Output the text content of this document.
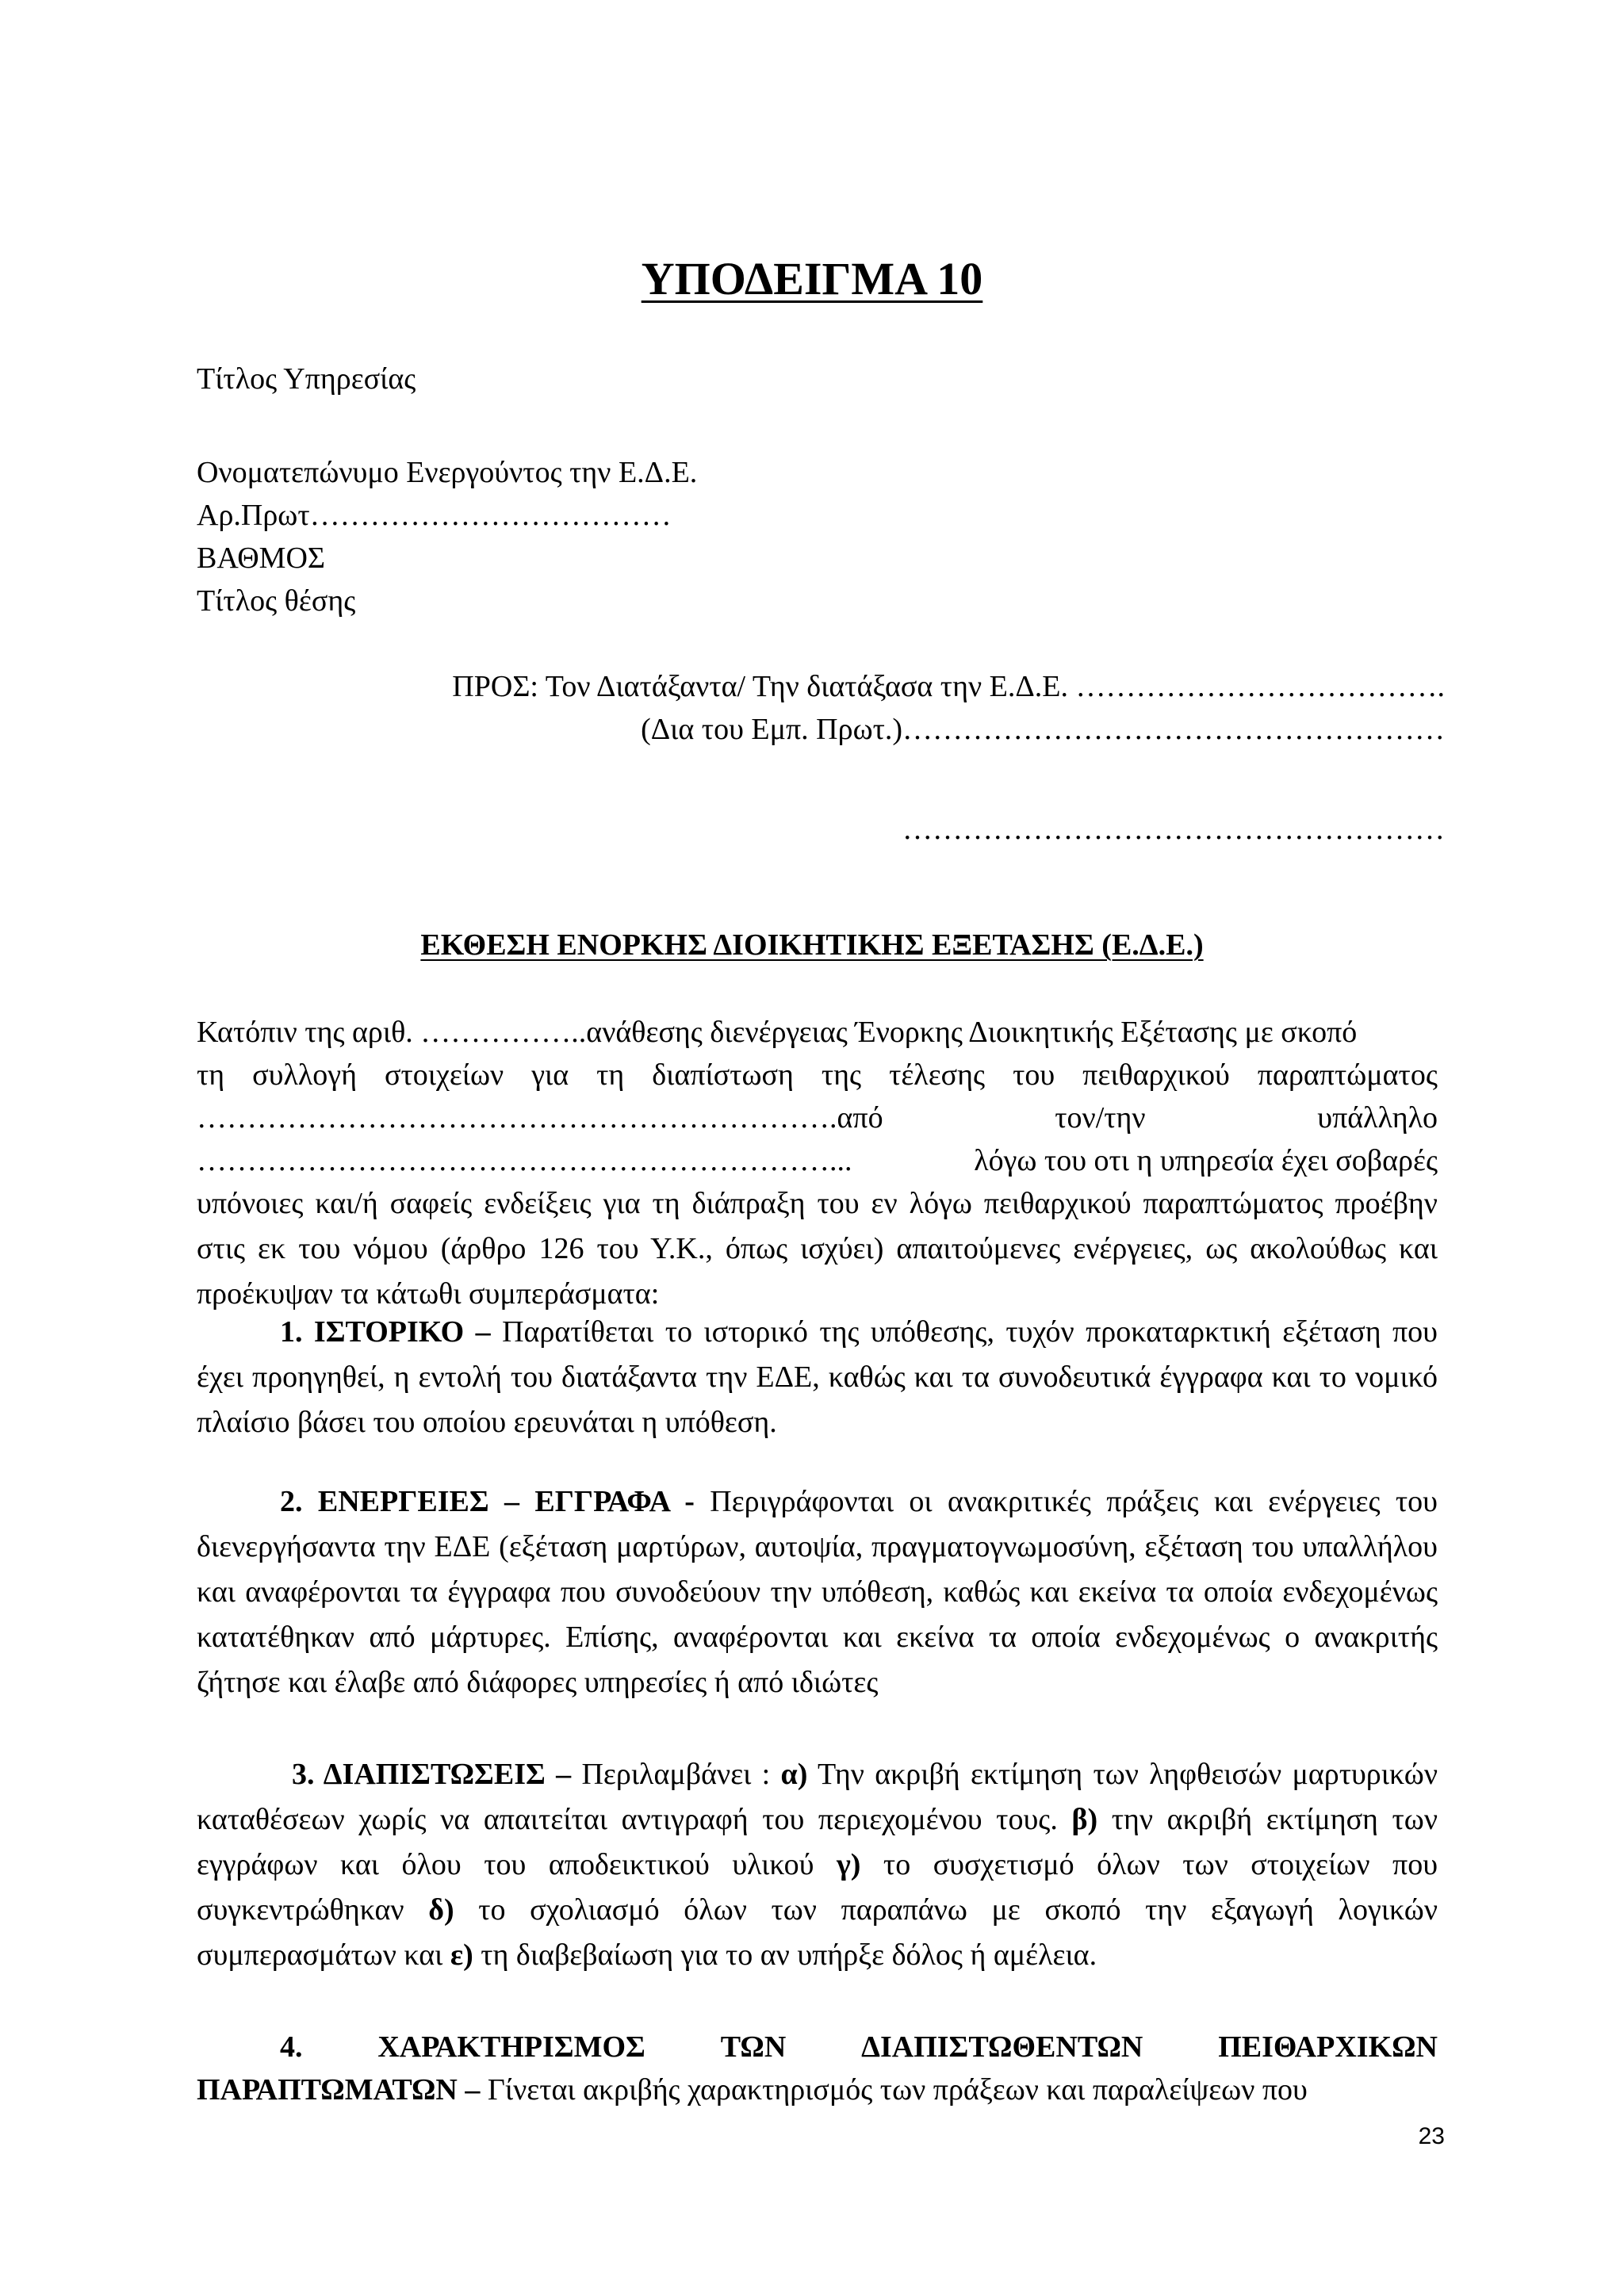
ΥΠΟΔΕΙΓΜΑ 10
Τίτλος Υπηρεσίας
Ονοματεπώνυμο Ενεργούντος την Ε.Δ.Ε.
Αρ.Πρωτ………………………………
ΒΑΘΜΟΣ
Τίτλος θέσης
ΠΡΟΣ: Τον Διατάξαντα/ Την διατάξασα την Ε.Δ.Ε. ……………………………….
(Δια του Εμπ. Πρωτ.)………………………………………………
………………………………………………
ΕΚΘΕΣΗ ΕΝΟΡΚΗΣ ΔΙΟΙΚΗΤΙΚΗΣ ΕΞΕΤΑΣΗΣ (Ε.Δ.Ε.)
Κατόπιν της αριθ. ……………..ανάθεσης διενέργειας Ένορκης Διοικητικής Εξέτασης με σκοπό
τη συλλογή στοιχείων για τη διαπίστωση της τέλεσης του πειθαρχικού παραπτώματος
……………………………………………………….από	τον/την	υπάλληλο
………………………………………………………...	λόγω του οτι η υπηρεσία έχει σοβαρές

υπόνοιες και/ή σαφείς ενδείξεις για τη διάπραξη του εν λόγω πειθαρχικού παραπτώματος προέβην στις εκ του νόμου (άρθρο 126 του Υ.Κ., όπως ισχύει) απαιτούμενες ενέργειες, ως ακολούθως και προέκυψαν τα κάτωθι συμπεράσματα:

1. ΙΣΤΟΡΙΚΟ – Παρατίθεται το ιστορικό της υπόθεσης, τυχόν προκαταρκτική εξέταση που έχει προηγηθεί, η εντολή του διατάξαντα την ΕΔΕ, καθώς και τα συνοδευτικά έγγραφα και το νομικό πλαίσιο βάσει του οποίου ερευνάται η υπόθεση.

2. ΕΝΕΡΓΕΙΕΣ – ΕΓΓΡΑΦΑ - Περιγράφονται οι ανακριτικές πράξεις και ενέργειες του διενεργήσαντα την ΕΔΕ (εξέταση μαρτύρων, αυτοψία, πραγματογνωμοσύνη, εξέταση του υπαλλήλου και αναφέρονται τα έγγραφα που συνοδεύουν την υπόθεση, καθώς και εκείνα τα οποία ενδεχομένως κατατέθηκαν από μάρτυρες. Επίσης, αναφέρονται και εκείνα τα οποία ενδεχομένως ο ανακριτής ζήτησε και έλαβε από διάφορες υπηρεσίες ή από ιδιώτες

3. ΔΙΑΠΙΣΤΩΣΕΙΣ – Περιλαμβάνει : α) Την ακριβή εκτίμηση των ληφθεισών μαρτυρικών καταθέσεων χωρίς να απαιτείται αντιγραφή του περιεχομένου τους. β) την ακριβή εκτίμηση των εγγράφων και όλου του αποδεικτικού υλικού γ) το συσχετισμό όλων των στοιχείων που συγκεντρώθηκαν δ) το σχολιασμό όλων των παραπάνω με σκοπό την εξαγωγή λογικών συμπερασμάτων και ε) τη διαβεβαίωση για το αν υπήρξε δόλος ή αμέλεια.

4. ΧΑΡΑΚΤΗΡΙΣΜΟΣ ΤΩΝ ΔΙΑΠΙΣΤΩΘΕΝΤΩΝ ΠΕΙΘΑΡΧΙΚΩΝ
ΠΑΡΑΠΤΩΜΑΤΩΝ – Γίνεται ακριβής χαρακτηρισμός των πράξεων και παραλείψεων που
23
